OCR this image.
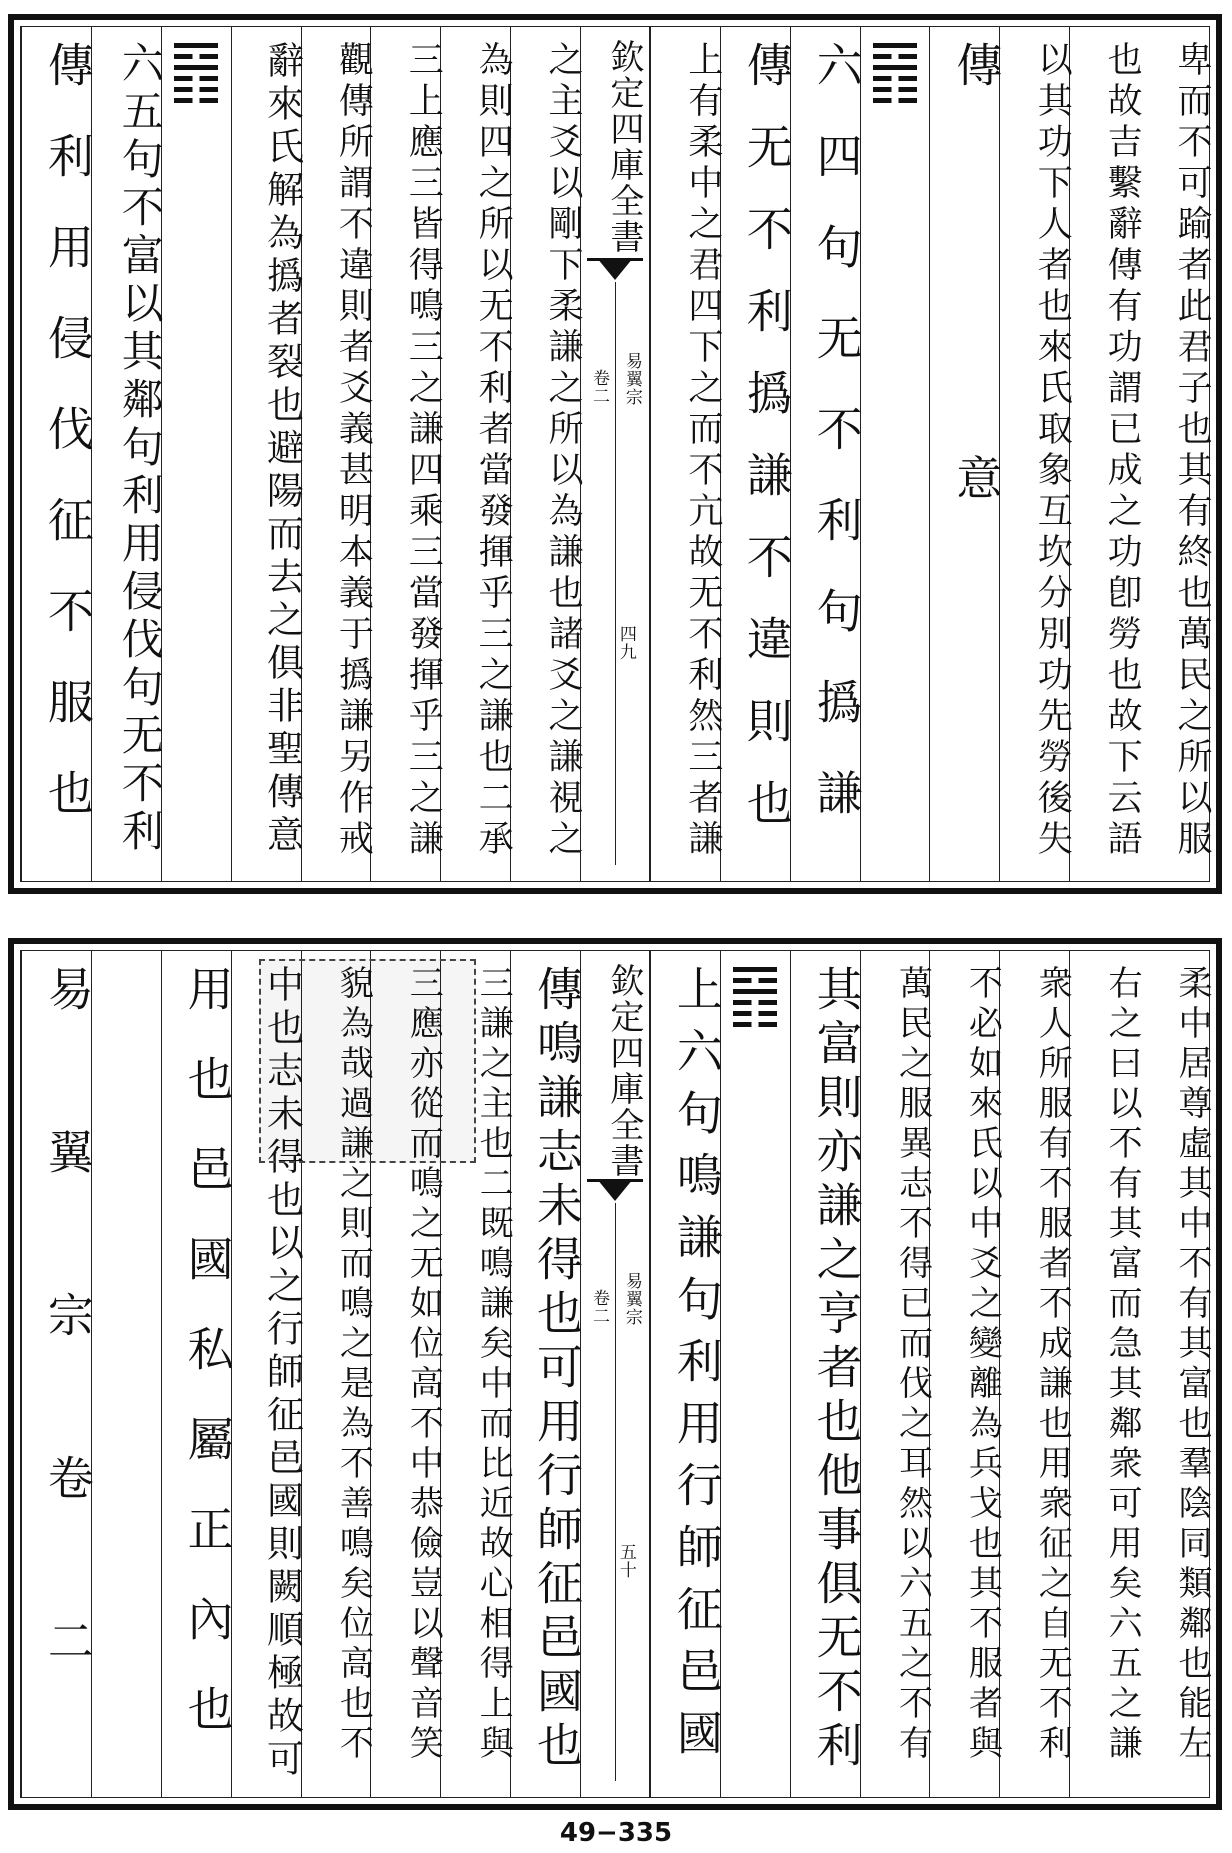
卑而不可踰者此君子也其有終也萬民之所以服
也故吉繫辭傳有功謂已成之功卽勞也故下云語
以其功下人者也來氏取象互坎分別功先勞後失
傳意
六四句无不利句撝謙
傳无不利撝謙不違則也
上有柔中之君四下之而不亢故无不利然三者謙
之主爻以剛下柔謙之所以為謙也諸爻之謙視之
為則四之所以无不利者當發揮乎三之謙也二承
三上應三皆得鳴三之謙四乘三當發揮乎三之謙
觀傳所謂不違則者爻義甚明本義于撝謙另作戒
辭來氏解為撝者裂也避陽而去之俱非聖傳意
六五句不富以其鄰句利用侵伐句无不利
傳利用侵伐征不服也	欽定四庫全書
易翼宗
卷二
四九
柔中居尊虛其中不有其富也羣陰同類鄰也能左
右之曰以不有其富而急其鄰衆可用矣六五之謙
衆人所服有不服者不成謙也用衆征之自无不利
不必如來氏以中爻之變離為兵戈也其不服者與
萬民之服異志不得已而伐之耳然以六五之不有
其富則亦謙之亨者也他事俱无不利
上六句鳴謙句利用行師征邑國
傳鳴謙志未得也可用行師征邑國也
三謙之主也二既鳴謙矣中而比近故心相得上與
三應亦從而鳴之无如位高不中恭儉豈以聲音笑
貌為哉過謙之則而鳴之是為不善鳴矣位高也不
中也志未得也以之行師征邑國則闕順極故可
用也邑國私屬正內也
易翼宗卷二	欽定四庫全書
易翼宗
卷二
五十
49−335
